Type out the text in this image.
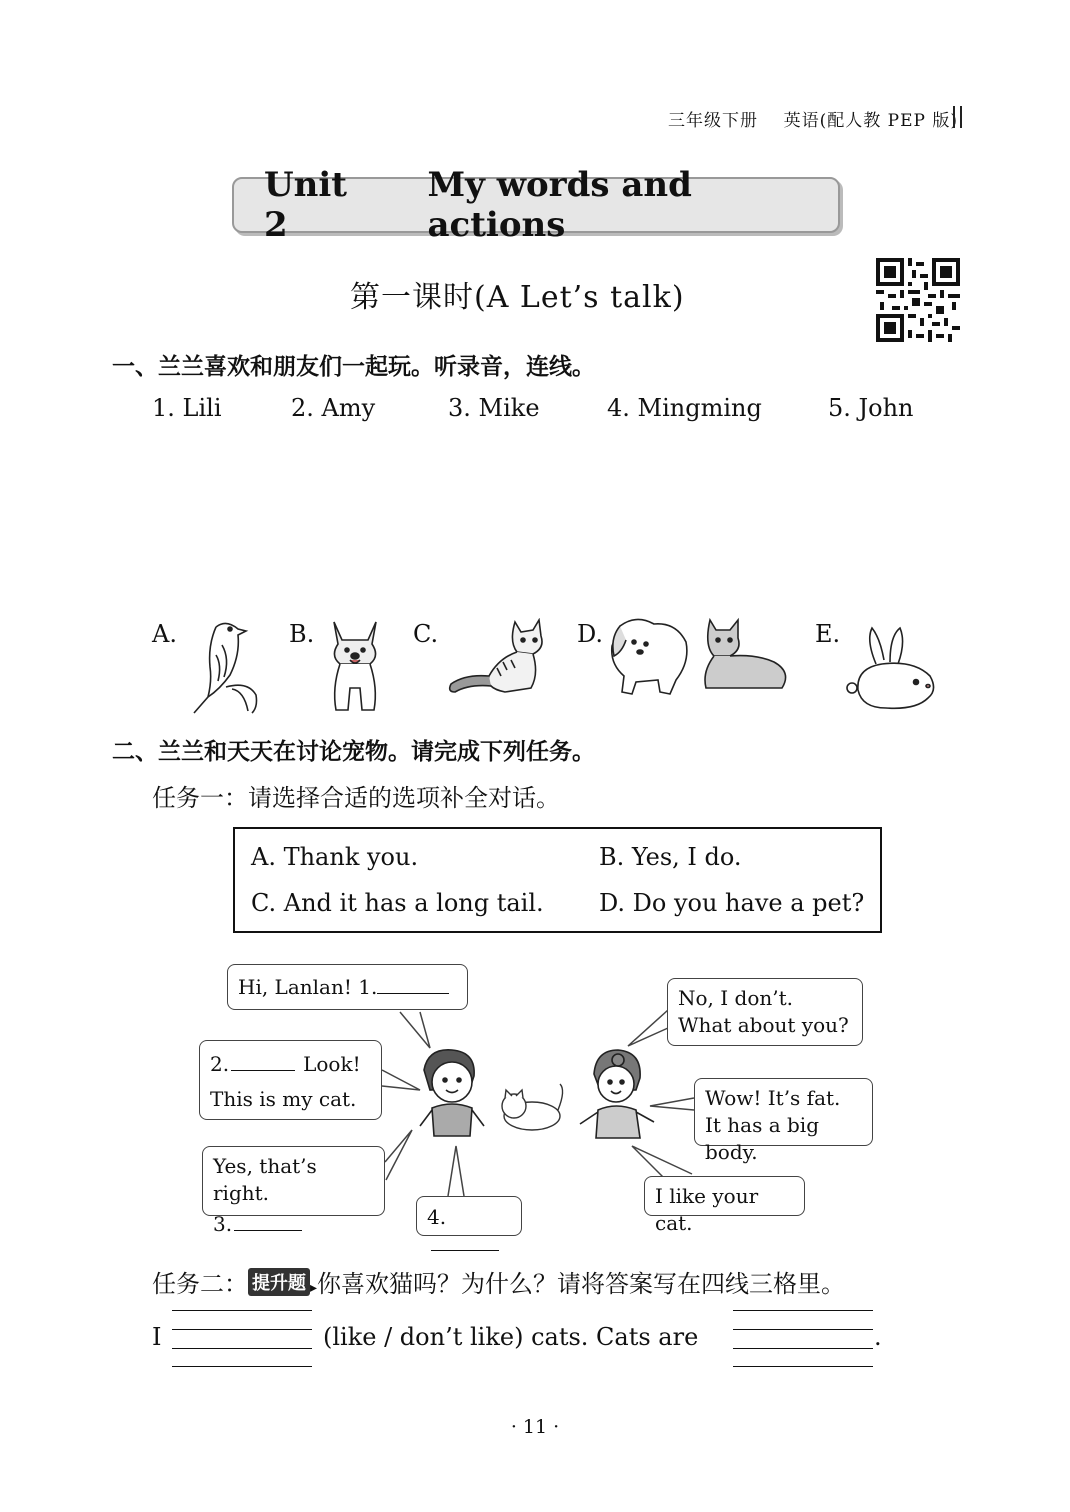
三年级下册 英语(配人教 PEP 版)
Unit 2
My words and actions
第一课时(A Let’s talk)
一、兰兰喜欢和朋友们一起玩。听录音，连线。
1. Lili	2. Amy	3. Mike	4. Mingming	5. John
A.	B.	C.	D.	E.
二、兰兰和天天在讨论宠物。请完成下列任务。
任务一：请选择合适的选项补全对话。
A. Thank you.	B. Yes, I do.
C. And it has a long tail. D. Do you have a pet?
Hi, Lanlan! 1.
2.	Look!
This is my cat.
Yes, that’s right.
3.	4.
No, I don’t. What about you?
Wow! It’s fat. It has a big body.
I like your cat.
任务二： 提升题 ▸你喜欢猫吗？为什么？请将答案写在四线三格里。
I	(like / don’t like) cats. Cats are	.
· 11 ·
